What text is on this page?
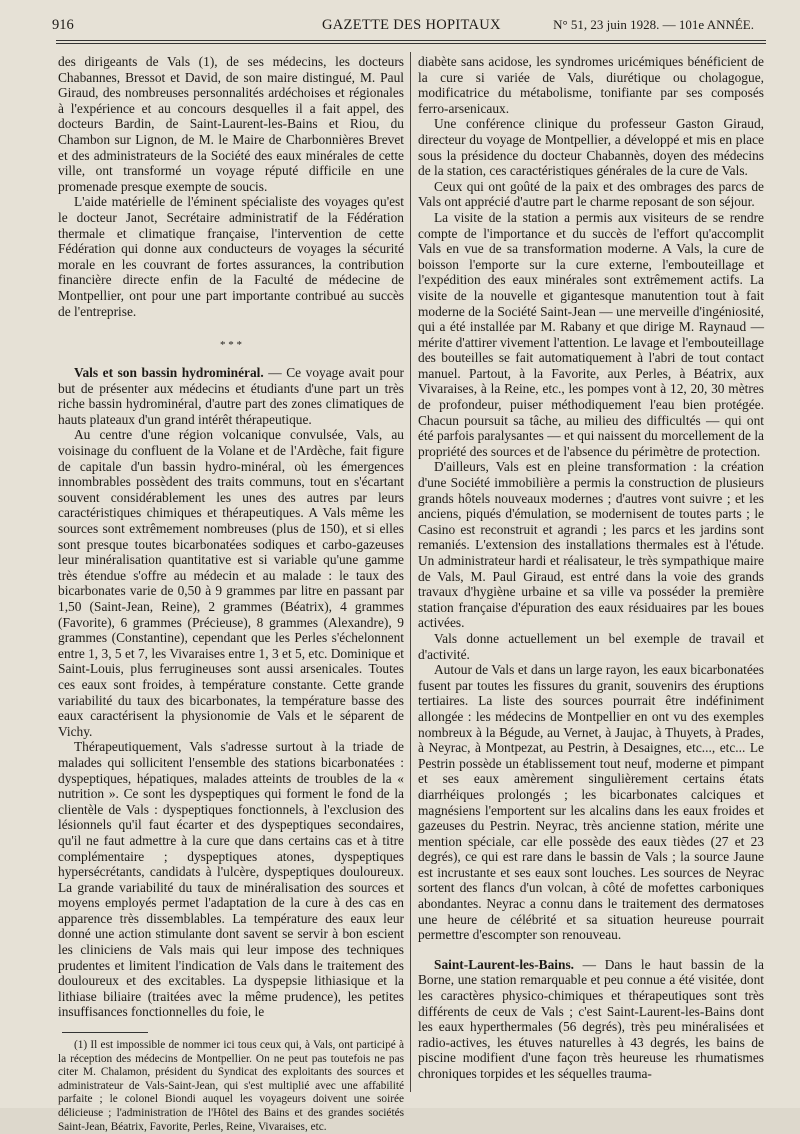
916	GAZETTE DES HOPITAUX	N° 51, 23 juin 1928. — 101e ANNÉE.

des dirigeants de Vals (1), de ses médecins, les docteurs Chabannes, Bressot et David, de son maire distingué, M. Paul Giraud, des nombreuses personnalités ardéchoises et régionales à l'expérience et au concours desquelles il a fait appel, des docteurs Bardin, de Saint-Laurent-les-Bains et Riou, du Chambon sur Lignon, de M. le Maire de Charbonnières Brevet et des administrateurs de la Société des eaux minérales de cette ville, ont transformé un voyage réputé difficile en une promenade presque exempte de soucis.

L'aide matérielle de l'éminent spécialiste des voyages qu'est le docteur Janot, Secrétaire administratif de la Fédération thermale et climatique française, l'intervention de cette Fédération qui donne aux conducteurs de voyages la sécurité morale en les couvrant de fortes assurances, la contribution financière directe enfin de la Faculté de médecine de Montpellier, ont pour une part importante contribué au succès de l'entreprise.

* * *

Vals et son bassin hydrominéral. — Ce voyage avait pour but de présenter aux médecins et étudiants d'une part un très riche bassin hydrominéral, d'autre part des zones climatiques de hauts plateaux d'un grand intérêt thérapeutique.

Au centre d'une région volcanique convulsée, Vals, au voisinage du confluent de la Volane et de l'Ardèche, fait figure de capitale d'un bassin hydro-minéral, où les émergences innombrables possèdent des traits communs, tout en s'écartant souvent considérablement les unes des autres par leurs caractéristiques chimiques et thérapeutiques. A Vals même les sources sont extrêmement nombreuses (plus de 150), et si elles sont presque toutes bicarbonatées sodiques et carbo-gazeuses leur minéralisation quantitative est si variable qu'une gamme très étendue s'offre au médecin et au malade : le taux des bicarbonates varie de 0,50 à 9 grammes par litre en passant par 1,50 (Saint-Jean, Reine), 2 grammes (Béatrix), 4 grammes (Favorite), 6 grammes (Précieuse), 8 grammes (Alexandre), 9 grammes (Constantine), cependant que les Perles s'échelonnent entre 1, 3, 5 et 7, les Vivaraises entre 1, 3 et 5, etc. Dominique et Saint-Louis, plus ferrugineuses sont aussi arsenicales. Toutes ces eaux sont froides, à température constante. Cette grande variabilité du taux des bicarbonates, la température basse des eaux caractérisent la physionomie de Vals et le séparent de Vichy.

Thérapeutiquement, Vals s'adresse surtout à la triade de malades qui sollicitent l'ensemble des stations bicarbonatées : dyspeptiques, hépatiques, malades atteints de troubles de la « nutrition ». Ce sont les dyspeptiques qui forment le fond de la clientèle de Vals : dyspeptiques fonctionnels, à l'exclusion des lésionnels qu'il faut écarter et des dyspeptiques secondaires, qu'il ne faut admettre à la cure que dans certains cas et à titre complémentaire ; dyspeptiques atones, dyspeptiques hypersécrétants, candidats à l'ulcère, dyspeptiques douloureux. La grande variabilité du taux de minéralisation des sources et moyens employés permet l'adaptation de la cure à des cas en apparence très dissemblables. La température des eaux leur donné une action stimulante dont savent se servir à bon escient les cliniciens de Vals mais qui leur impose des techniques prudentes et limitent l'indication de Vals dans le traitement des douloureux et des excitables. La dyspepsie lithiasique et la lithiase biliaire (traitées avec la même prudence), les petites insuffisances fonctionnelles du foie, le

(1) Il est impossible de nommer ici tous ceux qui, à Vals, ont participé à la réception des médecins de Montpellier. On ne peut pas toutefois ne pas citer M. Chalamon, président du Syndicat des exploitants des sources et administrateur de Vals-Saint-Jean, qui s'est multiplié avec une affabilité parfaite ; le colonel Biondi auquel les voyageurs doivent une soirée délicieuse ; l'administration de l'Hôtel des Bains et des grandes sociétés Saint-Jean, Béatrix, Favorite, Perles, Reine, Vivaraises, etc.

diabète sans acidose, les syndromes uricémiques bénéficient de la cure si variée de Vals, diurétique ou cholagogue, modificatrice du métabolisme, tonifiante par ses composés ferro-arsenicaux.

Une conférence clinique du professeur Gaston Giraud, directeur du voyage de Montpellier, a développé et mis en place sous la présidence du docteur Chabannès, doyen des médecins de la station, ces caractéristiques générales de la cure de Vals.

Ceux qui ont goûté de la paix et des ombrages des parcs de Vals ont apprécié d'autre part le charme reposant de son séjour.

La visite de la station a permis aux visiteurs de se rendre compte de l'importance et du succès de l'effort qu'accomplit Vals en vue de sa transformation moderne. A Vals, la cure de boisson l'emporte sur la cure externe, l'embouteillage et l'expédition des eaux minérales sont extrêmement actifs. La visite de la nouvelle et gigantesque manutention tout à fait moderne de la Société Saint-Jean — une merveille d'ingéniosité, qui a été installée par M. Rabany et que dirige M. Raynaud — mérite d'attirer vivement l'attention. Le lavage et l'embouteillage des bouteilles se fait automatiquement à l'abri de tout contact manuel. Partout, à la Favorite, aux Perles, à Béatrix, aux Vivaraises, à la Reine, etc., les pompes vont à 12, 20, 30 mètres de profondeur, puiser méthodiquement l'eau bien protégée. Chacun poursuit sa tâche, au milieu des difficultés — qui ont été parfois paralysantes — et qui naissent du morcellement de la propriété des sources et de l'absence du périmètre de protection.

D'ailleurs, Vals est en pleine transformation : la création d'une Société immobilière a permis la construction de plusieurs grands hôtels nouveaux modernes ; d'autres vont suivre ; et les anciens, piqués d'émulation, se modernisent de toutes parts ; le Casino est reconstruit et agrandi ; les parcs et les jardins sont remaniés. L'extension des installations thermales est à l'étude. Un administrateur hardi et réalisateur, le très sympathique maire de Vals, M. Paul Giraud, est entré dans la voie des grands travaux d'hygiène urbaine et sa ville va posséder la première station française d'épuration des eaux résiduaires par les boues activées.

Vals donne actuellement un bel exemple de travail et d'activité.

Autour de Vals et dans un large rayon, les eaux bicarbonatées fusent par toutes les fissures du granit, souvenirs des éruptions tertiaires. La liste des sources pourrait être indéfiniment allongée : les médecins de Montpellier en ont vu des exemples nombreux à la Bégude, au Vernet, à Jaujac, à Thuyets, à Prades, à Neyrac, à Montpezat, au Pestrin, à Desaignes, etc..., etc... Le Pestrin possède un établissement tout neuf, moderne et pimpant et ses eaux amèrement singulièrement certains états diarrhéiques prolongés ; les bicarbonates calciques et magnésiens l'emportent sur les alcalins dans les eaux froides et gazeuses du Pestrin. Neyrac, très ancienne station, mérite une mention spéciale, car elle possède des eaux tièdes (27 et 23 degrés), ce qui est rare dans le bassin de Vals ; la source Jaune est incrustante et ses eaux sont louches. Les sources de Neyrac sortent des flancs d'un volcan, à côté de mofettes carboniques abondantes. Neyrac a connu dans le traitement des dermatoses une heure de célébrité et sa situation heureuse pourrait permettre d'escompter son renouveau.

Saint-Laurent-les-Bains. — Dans le haut bassin de la Borne, une station remarquable et peu connue a été visitée, dont les caractères physico-chimiques et thérapeutiques sont très différents de ceux de Vals ; c'est Saint-Laurent-les-Bains dont les eaux hyperthermales (56 degrés), très peu minéralisées et radio-actives, les étuves naturelles à 43 degrés, les bains de piscine modifient d'une façon très heureuse les rhumatismes chroniques torpides et les séquelles trauma-
